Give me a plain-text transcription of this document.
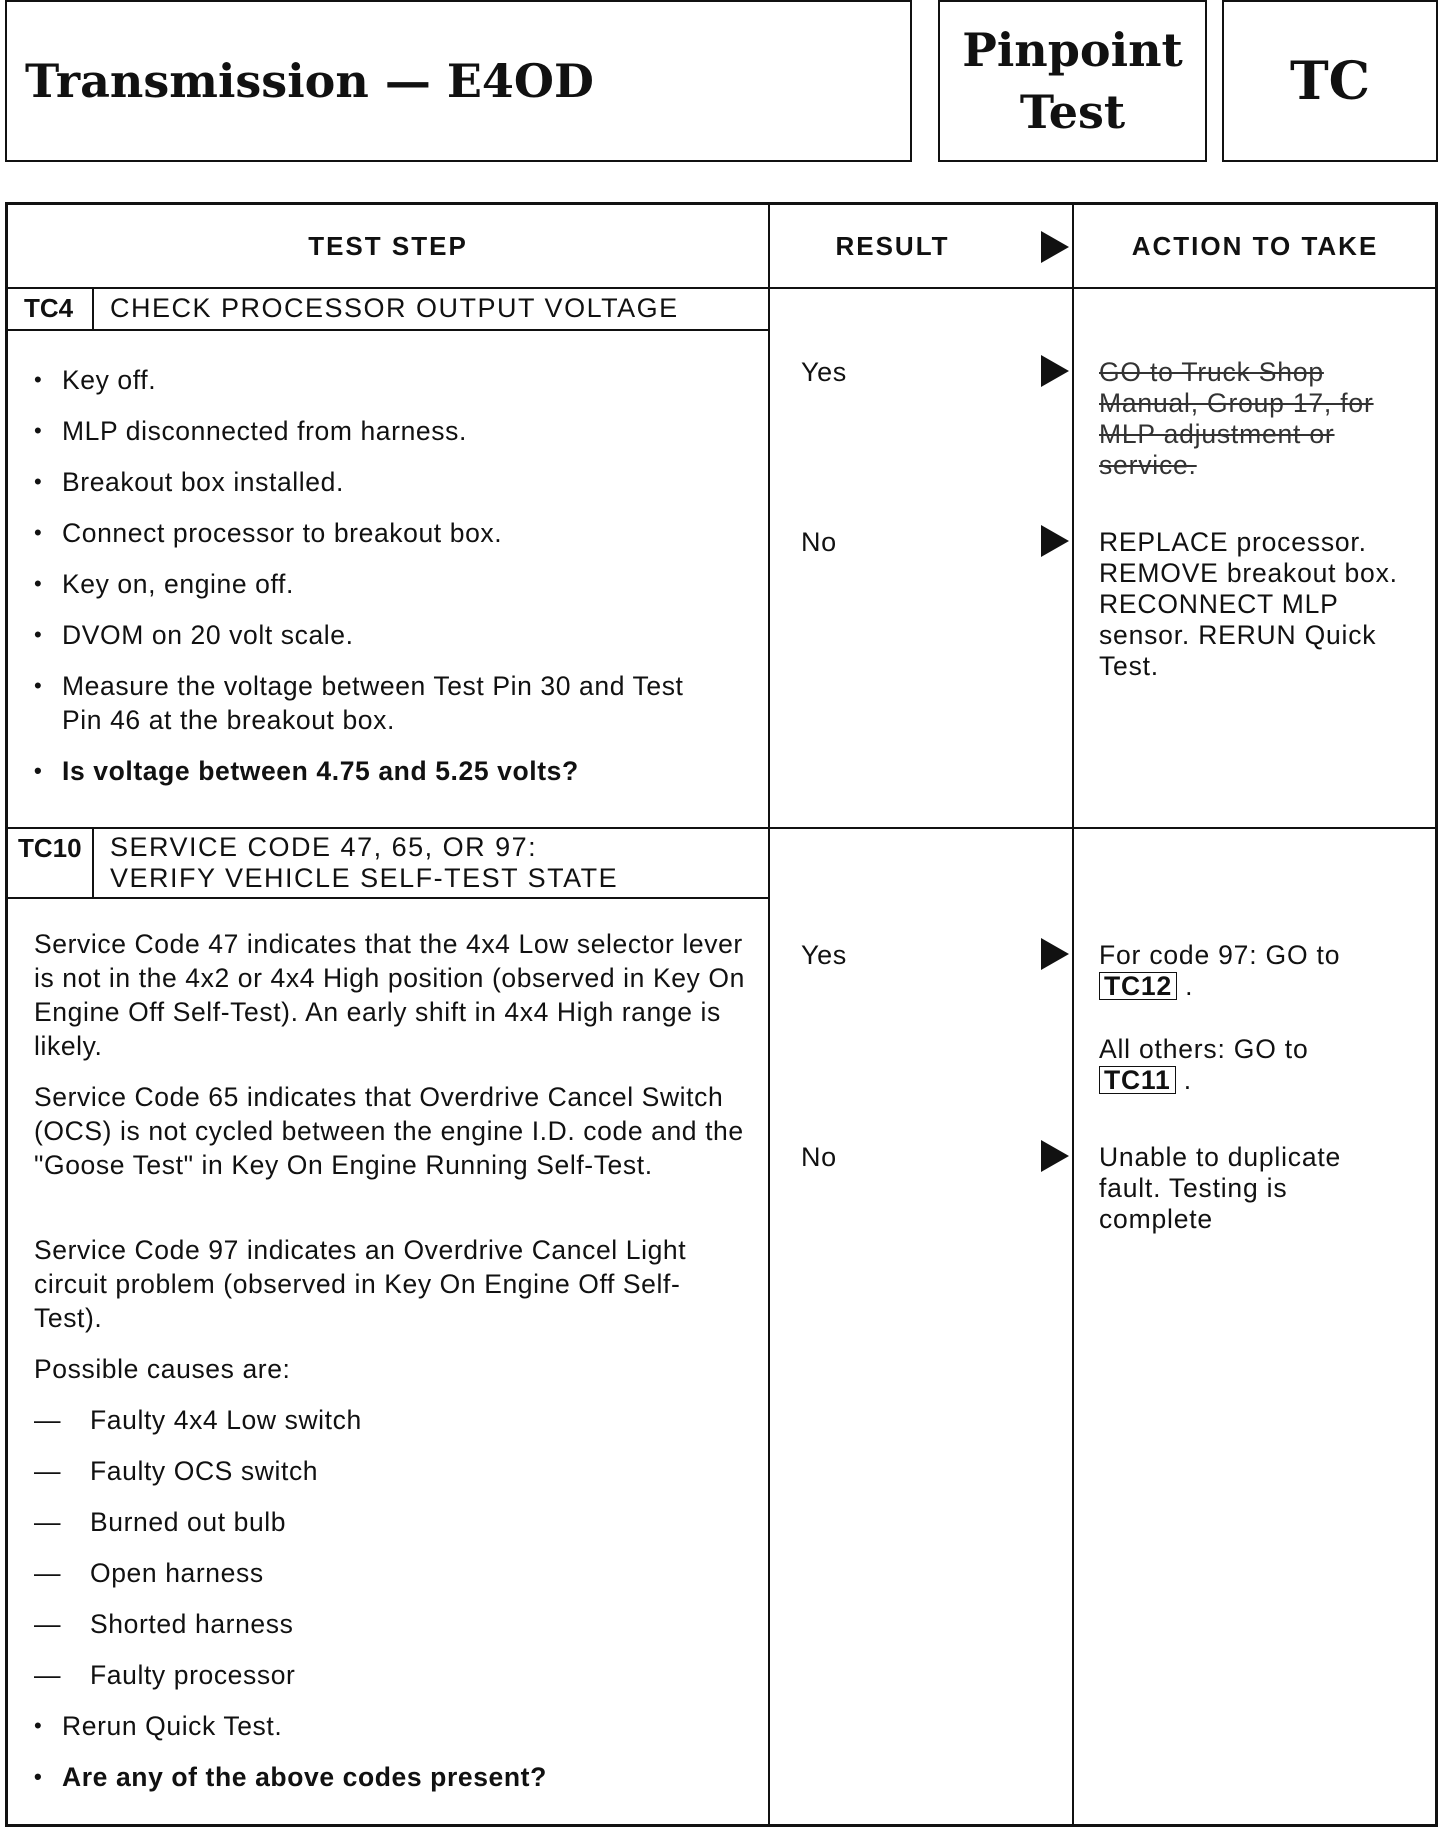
Transmission — E4OD
Pinpoint
Test
TC
TEST STEP	RESULT	ACTION TO TAKE
TC4 CHECK PROCESSOR OUTPUT VOLTAGE
• Key off.
• MLP disconnected from harness.
• Breakout box installed.
• Connect processor to breakout box.
• Key on, engine off.
• DVOM on 20 volt scale.
• Measure the voltage between Test Pin 30 and Test Pin 46 at the breakout box.
• Is voltage between 4.75 and 5.25 volts?
Yes	GO to Truck Shop Manual, Group 17, for MLP adjustment or service.
No	REPLACE processor. REMOVE breakout box. RECONNECT MLP sensor. RERUN Quick Test.
TC10 SERVICE CODE 47, 65, OR 97:
VERIFY VEHICLE SELF-TEST STATE
Service Code 47 indicates that the 4x4 Low selector lever is not in the 4x2 or 4x4 High position (observed in Key On Engine Off Self-Test). An early shift in 4x4 High range is likely.
Service Code 65 indicates that Overdrive Cancel Switch (OCS) is not cycled between the engine I.D. code and the "Goose Test" in Key On Engine Running Self-Test.
Service Code 97 indicates an Overdrive Cancel Light circuit problem (observed in Key On Engine Off Self-Test).
Possible causes are:
— Faulty 4x4 Low switch
— Faulty OCS switch
— Burned out bulb
— Open harness
— Shorted harness
— Faulty processor
• Rerun Quick Test.
• Are any of the above codes present?
Yes	For code 97: GO to
TC12 .
All others: GO to
TC11 .
No	Unable to duplicate fault. Testing is complete
